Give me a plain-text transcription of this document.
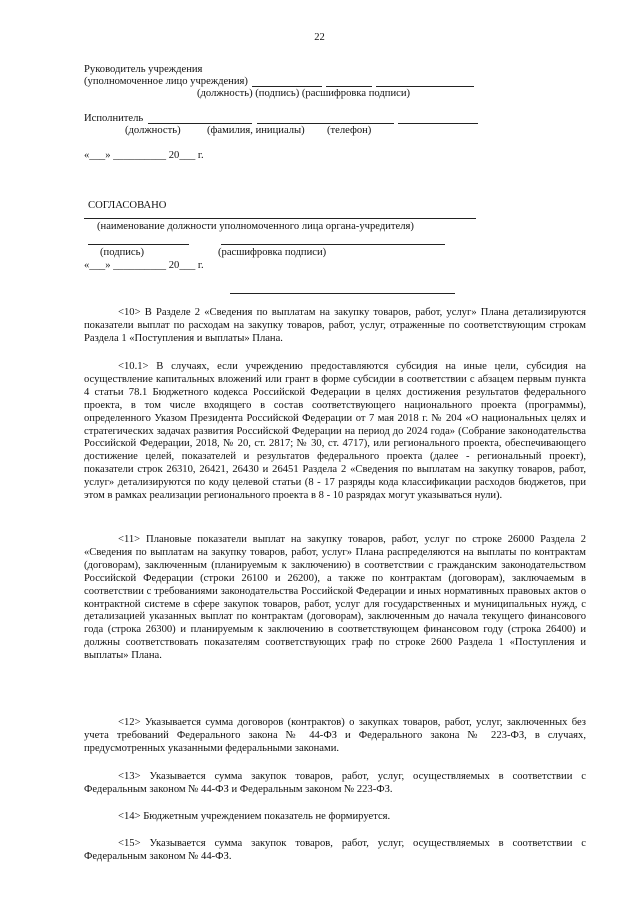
22
Руководитель учреждения
(уполномоченное лицо учреждения)
(должность) (подпись) (расшифровка подписи)
Исполнитель
(должность) (фамилия, инициалы) (телефон)
«___» __________ 20___ г.
СОГЛАСОВАНО
(наименование должности уполномоченного лица органа-учредителя)
(подпись)	(расшифровка подписи)
«___» __________ 20___ г.
<10> В Разделе 2 «Сведения по выплатам на закупку товаров, работ, услуг» Плана детализируются показатели выплат по расходам на закупку товаров, работ, услуг, отраженные по соответствующим строкам Раздела 1 «Поступления и выплаты» Плана.
<10.1> В случаях, если учреждению предоставляются субсидия на иные цели, субсидия на осуществление капитальных вложений или грант в форме субсидии в соответствии с абзацем первым пункта 4 статьи 78.1 Бюджетного кодекса Российской Федерации в целях достижения результатов федерального проекта, в том числе входящего в состав соответствующего национального проекта (программы), определенного Указом Президента Российской Федерации от 7 мая 2018 г. № 204 «О национальных целях и стратегических задачах развития Российской Федерации на период до 2024 года» (Собрание законодательства Российской Федерации, 2018, № 20, ст. 2817; № 30, ст. 4717), или регионального проекта, обеспечивающего достижение целей, показателей и результатов федерального проекта (далее - региональный проект), показатели строк 26310, 26421, 26430 и 26451 Раздела 2 «Сведения по выплатам на закупку товаров, работ, услуг» детализируются по коду целевой статьи (8 - 17 разряды кода классификации расходов бюджетов, при этом в рамках реализации регионального проекта в 8 - 10 разрядах могут указываться нули).
<11> Плановые показатели выплат на закупку товаров, работ, услуг по строке 26000 Раздела 2 «Сведения по выплатам на закупку товаров, работ, услуг» Плана распределяются на выплаты по контрактам (договорам), заключенным (планируемым к заключению) в соответствии с гражданским законодательством Российской Федерации (строки 26100 и 26200), а также по контрактам (договорам), заключаемым в соответствии с требованиями законодательства Российской Федерации и иных нормативных правовых актов о контрактной системе в сфере закупок товаров, работ, услуг для государственных и муниципальных нужд, с детализацией указанных выплат по контрактам (договорам), заключенным до начала текущего финансового года (строка 26300) и планируемым к заключению в соответствующем финансовом году (строка 26400) и должны соответствовать показателям соответствующих граф по строке 2600 Раздела 1 «Поступления и выплаты» Плана.
<12> Указывается сумма договоров (контрактов) о закупках товаров, работ, услуг, заключенных без учета требований Федерального закона № 44-ФЗ и Федерального закона № 223-ФЗ, в случаях, предусмотренных указанными федеральными законами.
<13> Указывается сумма закупок товаров, работ, услуг, осуществляемых в соответствии с Федеральным законом № 44-ФЗ и Федеральным законом № 223-ФЗ.
<14> Бюджетным учреждением показатель не формируется.
<15> Указывается сумма закупок товаров, работ, услуг, осуществляемых в соответствии с Федеральным законом № 44-ФЗ.
